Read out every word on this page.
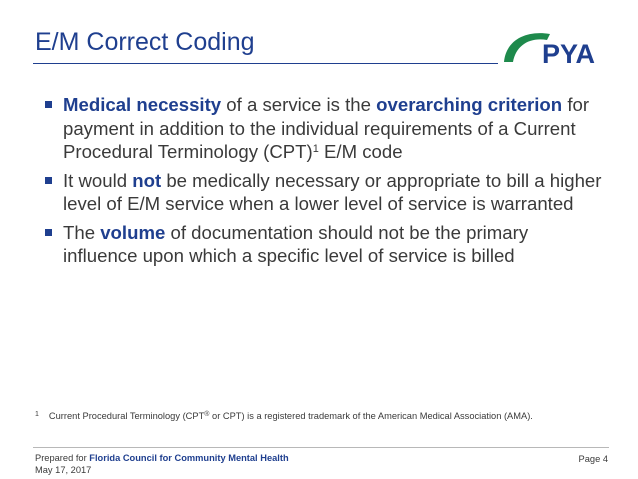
E/M Correct Coding	PYA
Medical necessity of a service is the overarching criterion for payment in addition to the individual requirements of a Current Procedural Terminology (CPT)$^1$ E/M code
It would not be medically necessary or appropriate to bill a higher level of E/M service when a lower level of service is warranted
The volume of documentation should not be the primary influence upon which a specific level of service is billed
$^1$ Current Procedural Terminology (CPT® or CPT) is a registered trademark of the American Medical Association (AMA).
Prepared for Florida Council for Community Mental Health
May 17, 2017
Page 4
